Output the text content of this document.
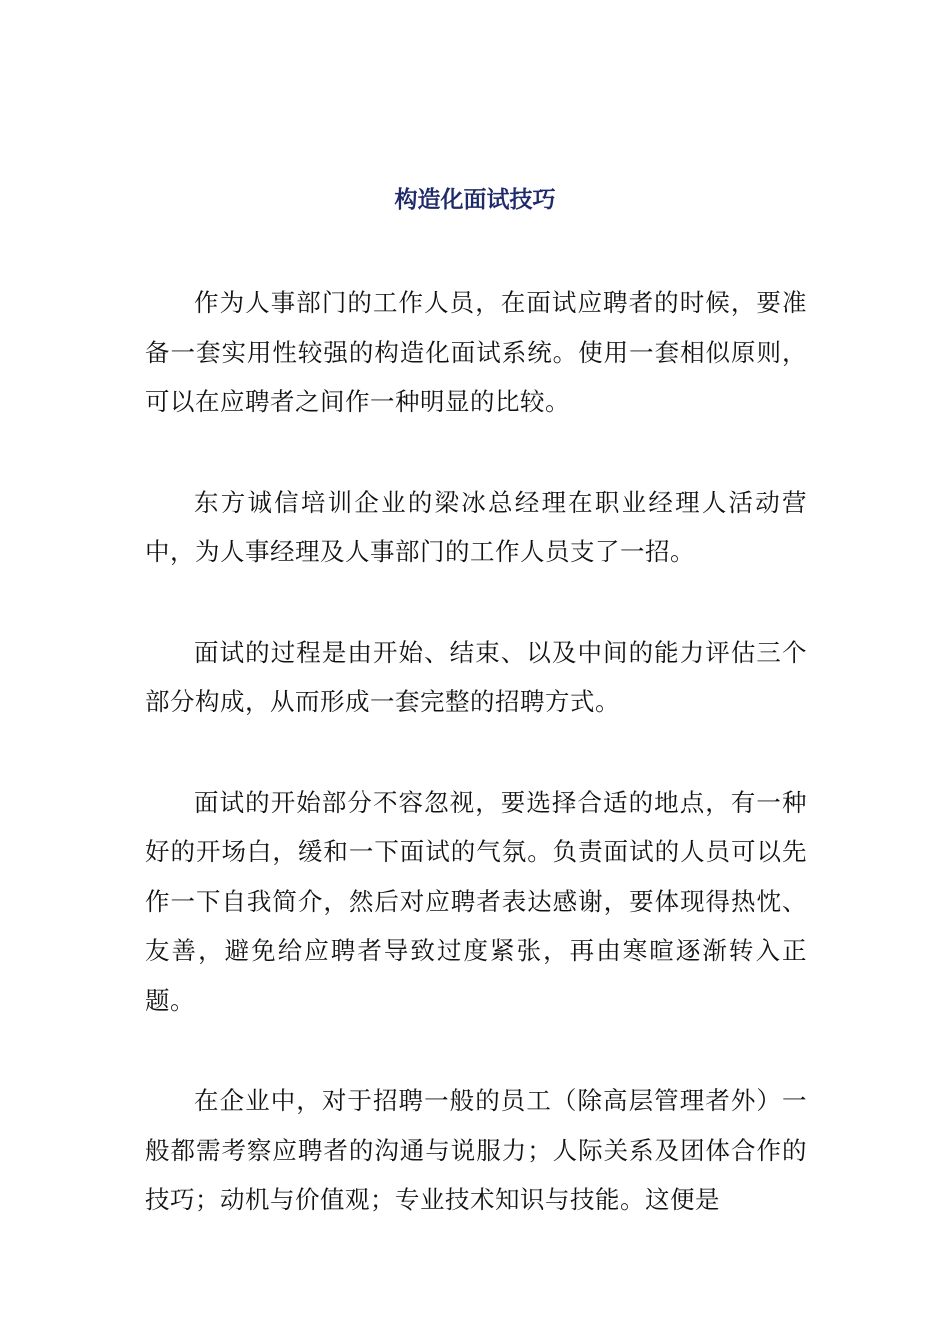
构造化面试技巧

作为人事部门的工作人员，在面试应聘者的时候，要准备一套实用性较强的构造化面试系统。使用一套相似原则，可以在应聘者之间作一种明显的比较。

东方诚信培训企业的梁冰总经理在职业经理人活动营中，为人事经理及人事部门的工作人员支了一招。

面试的过程是由开始、结束、以及中间的能力评估三个部分构成，从而形成一套完整的招聘方式。

面试的开始部分不容忽视，要选择合适的地点，有一种好的开场白，缓和一下面试的气氛。负责面试的人员可以先作一下自我简介，然后对应聘者表达感谢，要体现得热忱、友善，避免给应聘者导致过度紧张，再由寒暄逐渐转入正题。

在企业中，对于招聘一般的员工（除高层管理者外）一般都需考察应聘者的沟通与说服力；人际关系及团体合作的技巧；动机与价值观；专业技术知识与技能。这便是
